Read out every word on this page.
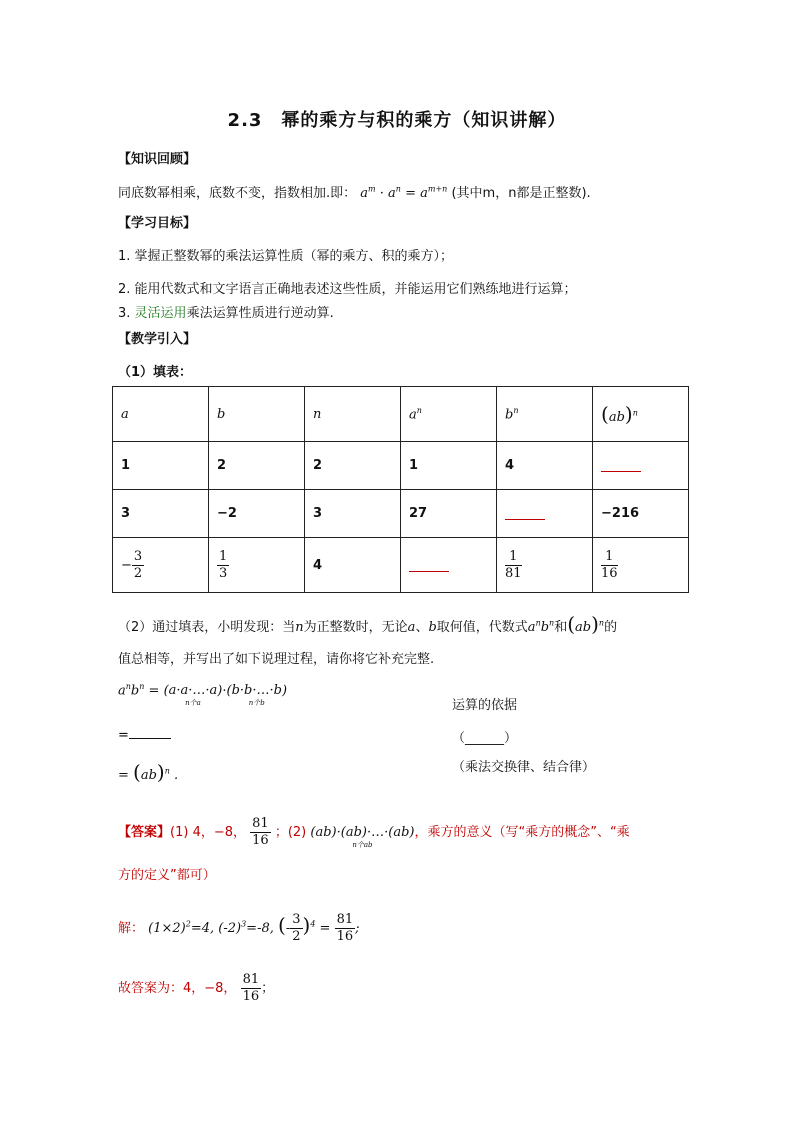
2.3　幂的乘方与积的乘方（知识讲解）
【知识回顾】
同底数幂相乘，底数不变，指数相加.即： $a^m \cdot a^n = a^{m+n}$ (其中m，n都是正整数).
【学习目标】
1. 掌握正整数幂的乘法运算性质（幂的乘方、积的乘方）；
2. 能用代数式和文字语言正确地表述这些性质，并能运用它们熟练地进行运算；
3. 灵活运用乘法运算性质进行逆动算.
【教学引入】
（1）填表：
a	b	n	$a^n$	$b^n$	(ab)$^n$
1	2	2	1	4	
3	−2	3	27		−216
− $\frac{3}{2}$	$\frac{1}{3}$	4		$\frac{1}{81}$	$\frac{1}{16}$
（2）通过填表，小明发现：当n为正整数时，无论a、b取何值，代数式$a^nb^n$和(ab)$^n$的
值总相等，并写出了如下说理过程，请你将它补充完整.
$a^nb^n$ = (a·a·…·a
n个a
)·(b·b·…·b
n个b
)
=
= (ab)$^n$ .
运算的依据
（______）
（乘法交换律、结合律）
【答案】(1) 4，−8， $\frac{81}{16}$ ；(2) (ab)·(ab)·…
n个ab
·(ab)，乘方的意义（写“乘方的概念”、“乘
方的定义”都可）
解： $(1\times 2)^2=4$, $(-2)^3=-8$, (- $\frac{3}{2} )^4 = \frac{81}{16}$ ;
故答案为：4，−8， $\frac{81}{16}$ ；
